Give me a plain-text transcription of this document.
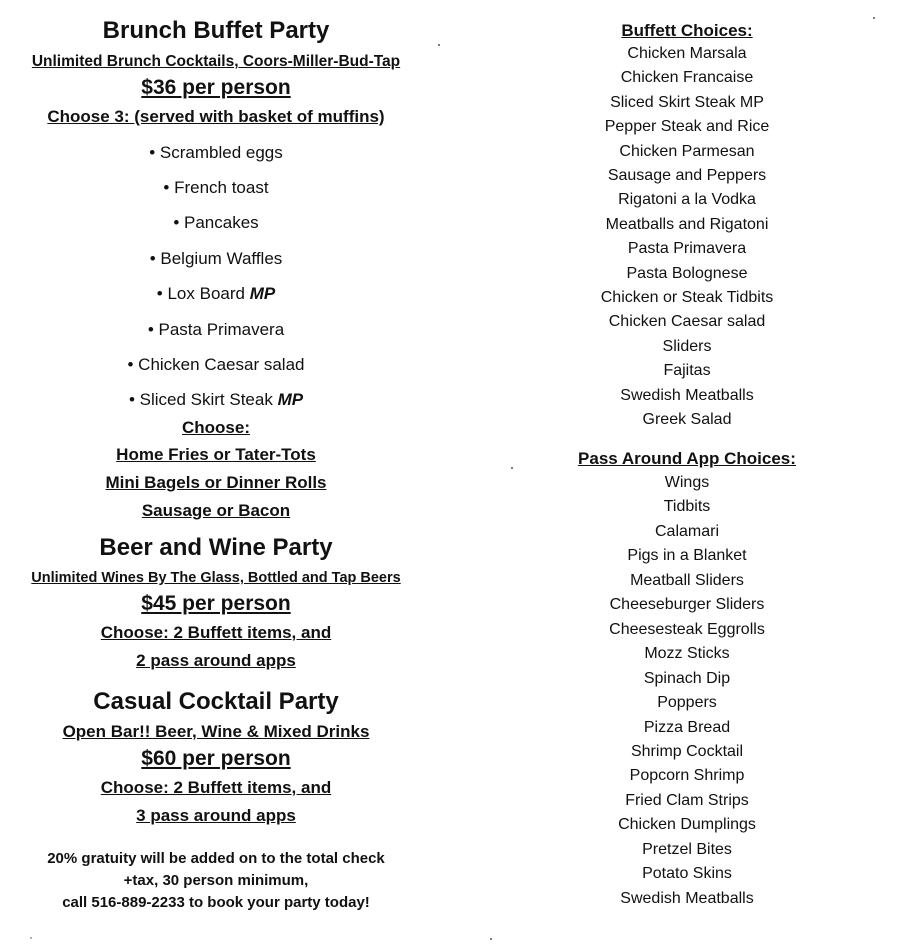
Brunch Buffet Party
Unlimited Brunch Cocktails, Coors-Miller-Bud-Tap
$36 per person
Choose 3: (served with basket of muffins)
• Scrambled eggs
• French toast
• Pancakes
• Belgium Waffles
• Lox Board MP
• Pasta Primavera
• Chicken Caesar salad
• Sliced Skirt Steak MP
Choose:
Home Fries or Tater-Tots
Mini Bagels or Dinner Rolls
Sausage or Bacon
Beer and Wine Party
Unlimited Wines By The Glass, Bottled and Tap Beers
$45 per person
Choose: 2 Buffett items, and
2 pass around apps
Casual Cocktail Party
Open Bar!! Beer, Wine & Mixed Drinks
$60 per person
Choose: 2 Buffett items, and
3 pass around apps
20% gratuity will be added on to the total check
+tax, 30 person minimum,
call 516-889-2233 to book your party today!
Buffett Choices:
Chicken Marsala
Chicken Francaise
Sliced Skirt Steak MP
Pepper Steak and Rice
Chicken Parmesan
Sausage and Peppers
Rigatoni a la Vodka
Meatballs and Rigatoni
Pasta Primavera
Pasta Bolognese
Chicken or Steak Tidbits
Chicken Caesar salad
Sliders
Fajitas
Swedish Meatballs
Greek Salad
Pass Around App Choices:
Wings
Tidbits
Calamari
Pigs in a Blanket
Meatball Sliders
Cheeseburger Sliders
Cheesesteak Eggrolls
Mozz Sticks
Spinach Dip
Poppers
Pizza Bread
Shrimp Cocktail
Popcorn Shrimp
Fried Clam Strips
Chicken Dumplings
Pretzel Bites
Potato Skins
Swedish Meatballs
